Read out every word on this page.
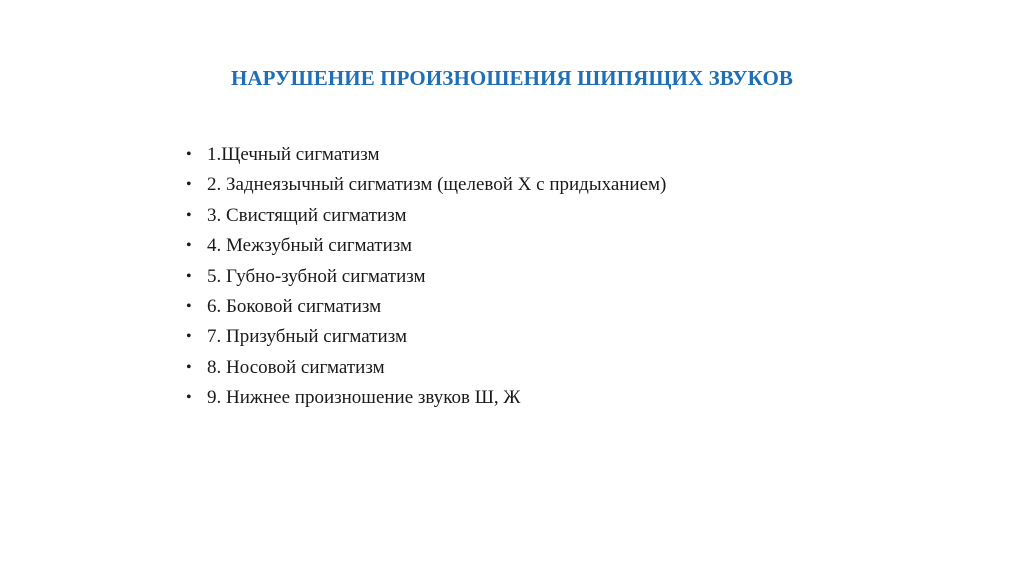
НАРУШЕНИЕ ПРОИЗНОШЕНИЯ ШИПЯЩИХ ЗВУКОВ
• 1.Щечный сигматизм
• 2. Заднеязычный сигматизм (щелевой Х с придыханием)
• 3. Свистящий сигматизм
• 4. Межзубный сигматизм
• 5. Губно-зубной сигматизм
• 6. Боковой сигматизм
• 7. Призубный сигматизм
• 8. Носовой сигматизм
• 9. Нижнее произношение звуков Ш, Ж
